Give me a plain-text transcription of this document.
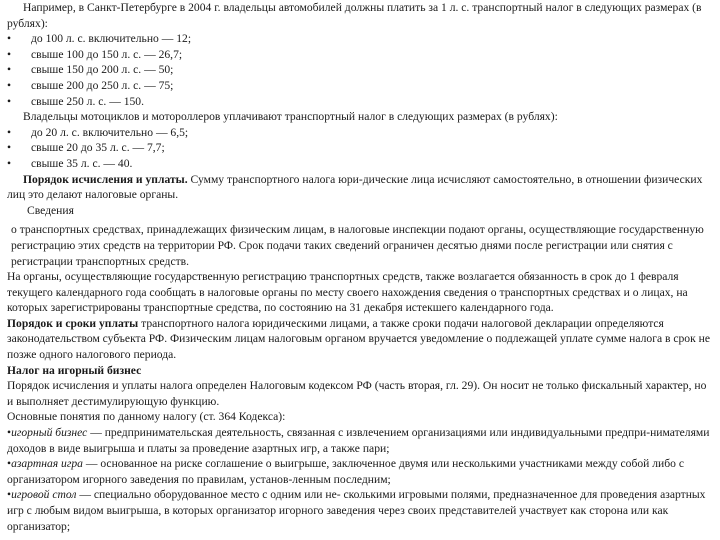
Например, в Санкт-Петербурге в 2004 г. владельцы автомобилей должны платить за 1 л. с. транспортный налог в следующих размерах (в рублях):

• до 100 л. с. включительно — 12;
• свыше 100 до 150 л. с. — 26,7;
• свыше 150 до 200 л. с. — 50;
• свыше 200 до 250 л. с. — 75;
• свыше 250 л. с. — 150.

Владельцы мотоциклов и мотороллеров уплачивают транспортный налог в следующих размерах (в рублях):

• до 20 л. с. включительно — 6,5;
• свыше 20 до 35 л. с. — 7,7;
• свыше 35 л. с. — 40.

Порядок исчисления и уплаты. Сумму транспортного налога юри-дические лица исчисляют самостоятельно, в отношении физических лиц это делают налоговые органы.

Сведения

о транспортных средствах, принадлежащих физическим лицам, в налоговые инспекции подают органы, осуществляющие государственную регистрацию этих средств на территории РФ. Срок подачи таких сведений ограничен десятью днями после регистрации или снятия с регистрации транспортных средств.

На органы, осуществляющие государственную регистрацию транспортных средств, также возлагается обязанность в срок до 1 февраля текущего календарного года сообщать в налоговые органы по месту своего нахождения сведения о транспортных средствах и о лицах, на которых зарегистрированы транспортные средства, по состоянию на 31 декабря истекшего календарного года.

Порядок и сроки уплаты транспортного налога юридическими лицами, а также сроки подачи налоговой декларации определяются законодательством субъекта РФ. Физическим лицам налоговым органом вручается уведомление о подлежащей уплате сумме налога в срок не позже одного налогового периода.

Налог на игорный бизнес

Порядок исчисления и уплаты налога определен Налоговым кодексом РФ (часть вторая, гл. 29). Он носит не только фискальный характер, но и выполняет дестимулирующую функцию.

Основные понятия по данному налогу (ст. 364 Кодекса):

•игорный бизнес — предпринимательская деятельность, связанная с извлечением организациями или индивидуальными предпри-нимателями доходов в виде выигрыша и платы за проведение азартных игр, а также пари;

•азартная игра — основанное на риске соглашение о выигрыше, заключенное двумя или несколькими участниками между собой либо с организатором игорного заведения по правилам, установ-ленным последним;

•игровой стол — специально оборудованное место с одним или не- сколькими игровыми полями, предназначенное для проведения азартных игр с любым видом выигрыша, в которых организатор игорного заведения через своих представителей участвует как сторона или как организатор;
